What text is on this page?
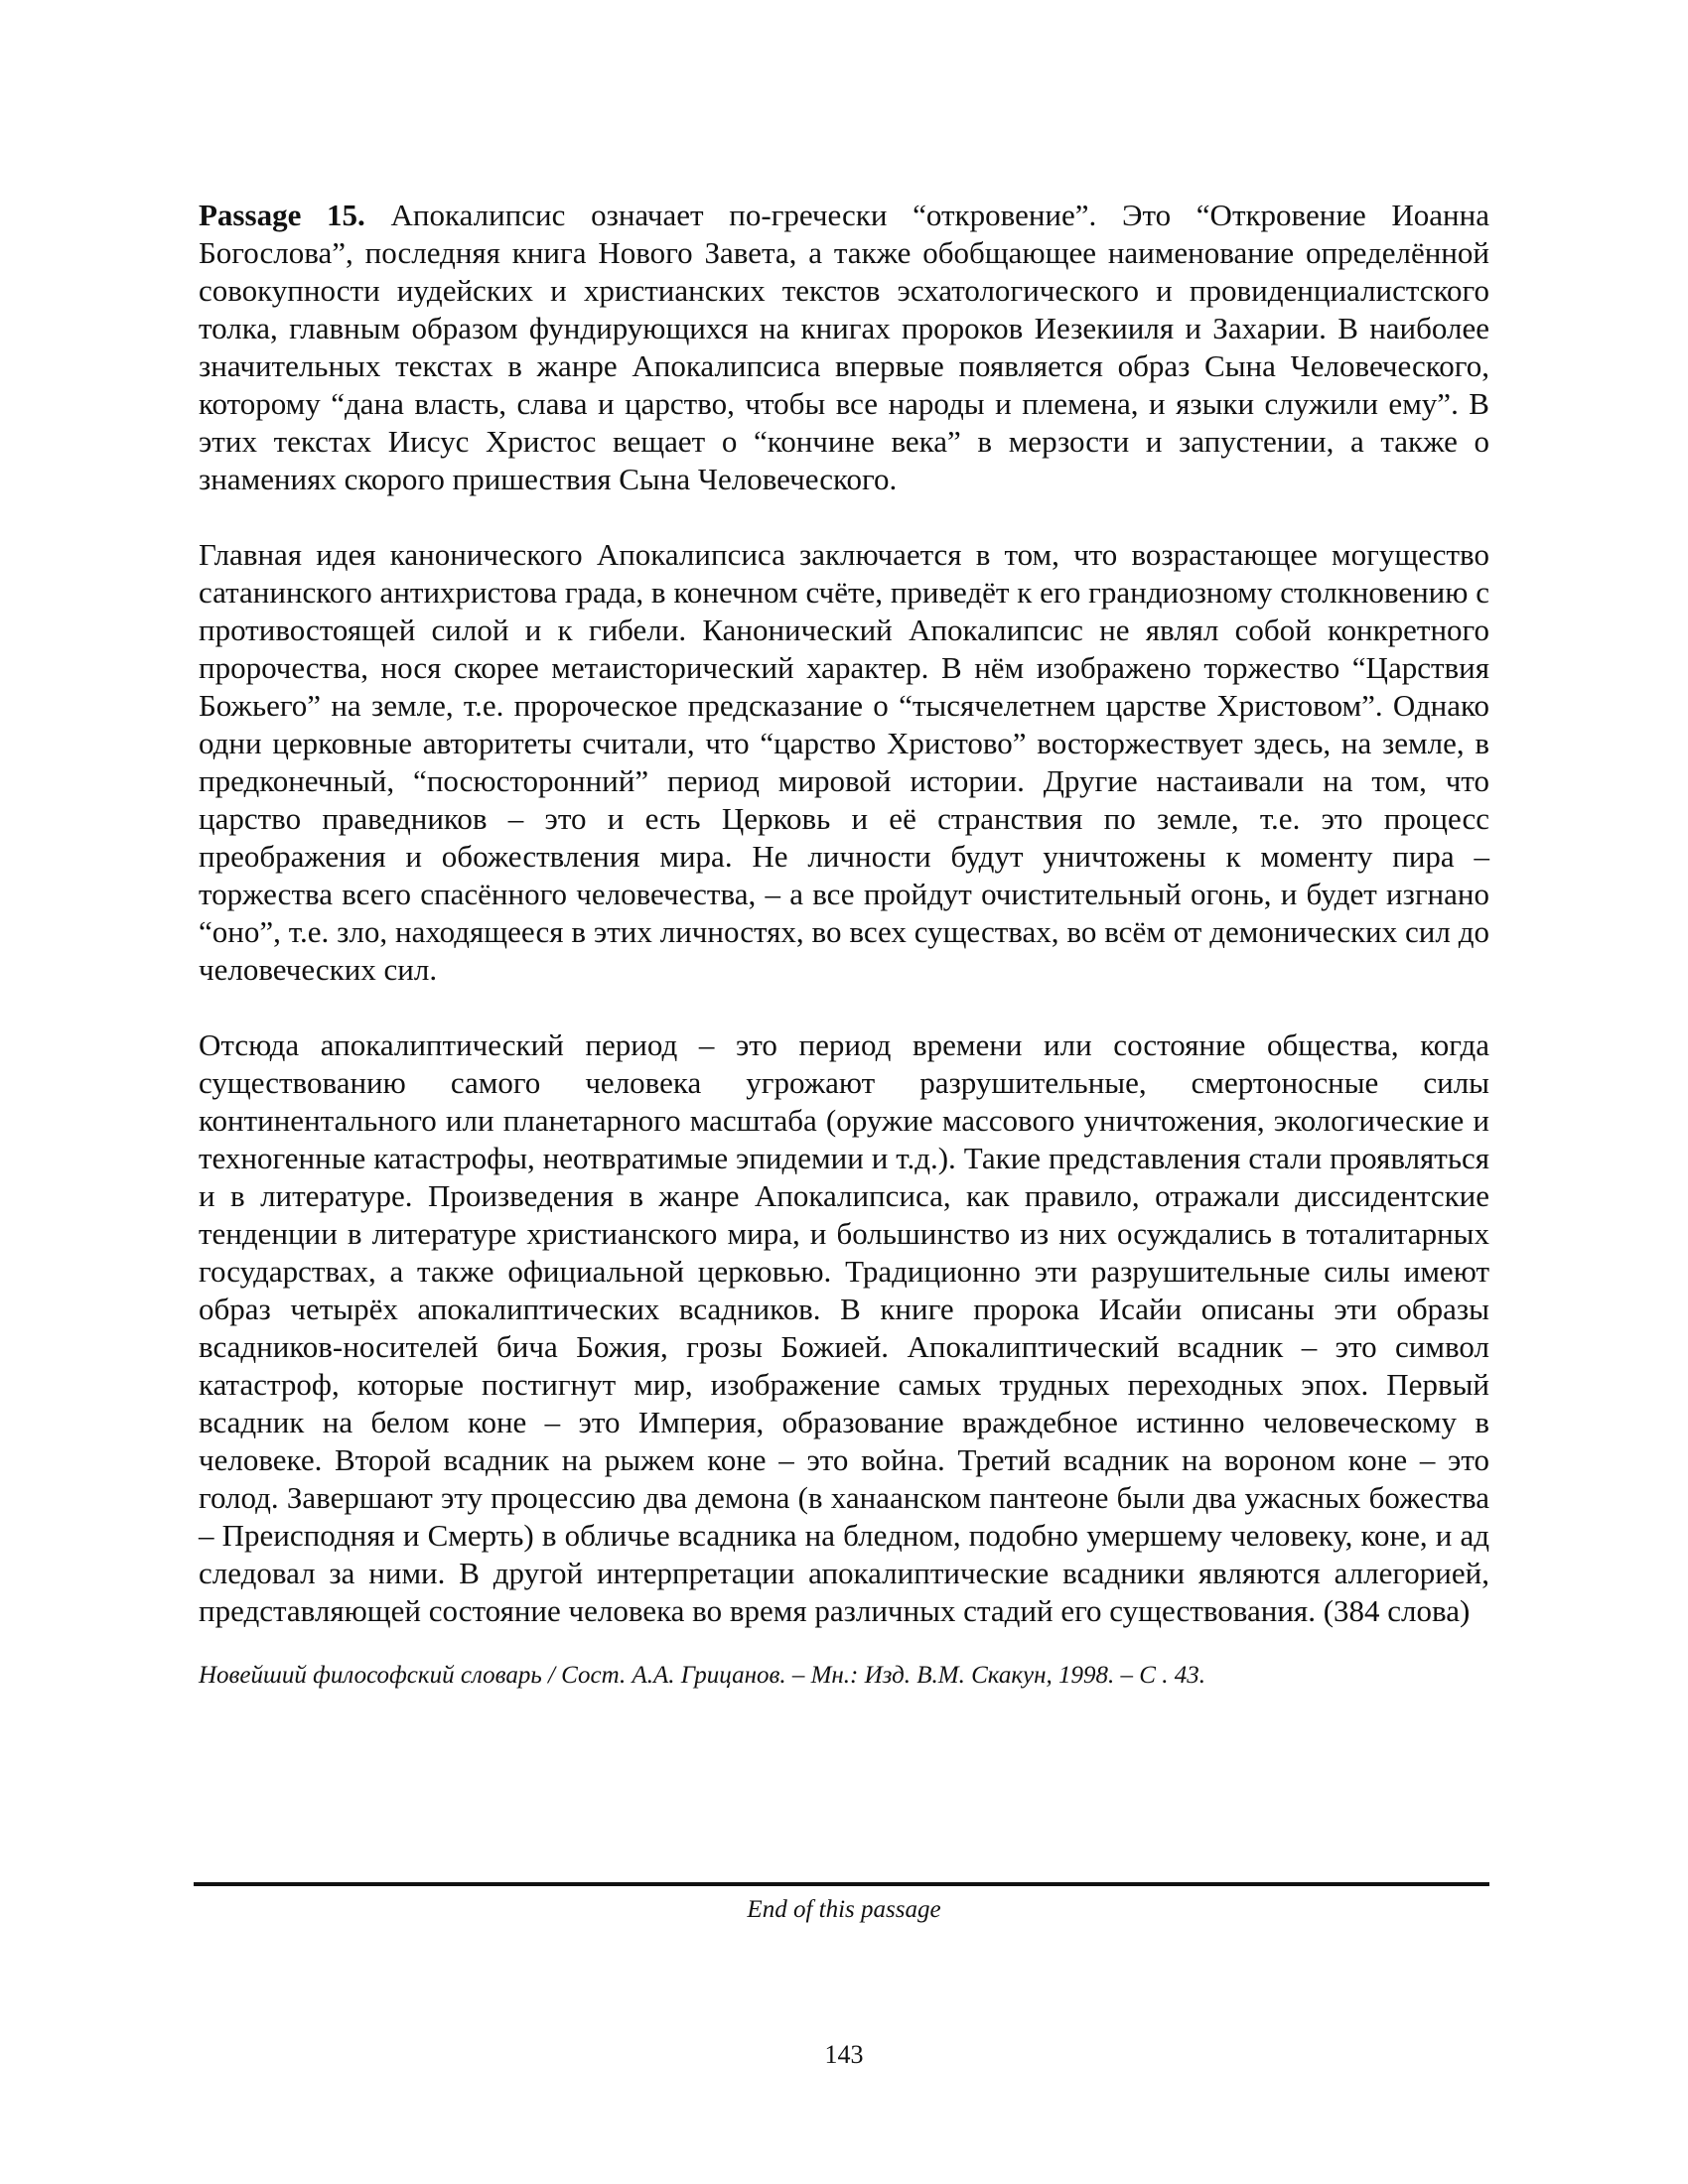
Passage 15. Апокалипсис означает по-гречески “откровение”. Это “Откровение Иоанна Богослова”, последняя книга Нового Завета, а также обобщающее наименование определённой совокупности иудейских и христианских текстов эсхатологического и провиденциалистского толка, главным образом фундирующихся на книгах пророков Иезекииля и Захарии. В наиболее значительных текстах в жанре Апокалипсиса впервые появляется образ Сына Человеческого, которому “дана власть, слава и царство, чтобы все народы и племена, и языки служили ему”. В этих текстах Иисус Христос вещает о “кончине века” в мерзости и запустении, а также о знамениях скорого пришествия Сына Человеческого.

Главная идея канонического Апокалипсиса заключается в том, что возрастающее могущество сатанинского антихристова града, в конечном счёте, приведёт к его грандиозному столкновению с противостоящей силой и к гибели. Канонический Апокалипсис не являл собой конкретного пророчества, нося скорее метаисторический характер. В нём изображено торжество “Царствия Божьего” на земле, т.е. пророческое предсказание о “тысячелетнем царстве Христовом”. Однако одни церковные авторитеты считали, что “царство Христово” восторжествует здесь, на земле, в предконечный, “посюсторонний” период мировой истории. Другие настаивали на том, что царство праведников – это и есть Церковь и её странствия по земле, т.е. это процесс преображения и обожествления мира. Не личности будут уничтожены к моменту пира – торжества всего спасённого человечества, – а все пройдут очистительный огонь, и будет изгнано “оно”, т.е. зло, находящееся в этих личностях, во всех существах, во всём от демонических сил до человеческих сил.

Отсюда апокалиптический период – это период времени или состояние общества, когда существованию самого человека угрожают разрушительные, смертоносные силы континентального или планетарного масштаба (оружие массового уничтожения, экологические и техногенные катастрофы, неотвратимые эпидемии и т.д.). Такие представления стали проявляться и в литературе. Произведения в жанре Апокалипсиса, как правило, отражали диссидентские тенденции в литературе христианского мира, и большинство из них осуждались в тоталитарных государствах, а также официальной церковью. Традиционно эти разрушительные силы имеют образ четырёх апокалиптических всадников. В книге пророка Исайи описаны эти образы всадников-носителей бича Божия, грозы Божией. Апокалиптический всадник – это символ катастроф, которые постигнут мир, изображение самых трудных переходных эпох. Первый всадник на белом коне – это Империя, образование враждебное истинно человеческому в человеке. Второй всадник на рыжем коне – это война. Третий всадник на вороном коне – это голод. Завершают эту процессию два демона (в ханаанском пантеоне были два ужасных божества – Преисподняя и Смерть) в обличье всадника на бледном, подобно умершему человеку, коне, и ад следовал за ними. В другой интерпретации апокалиптические всадники являются аллегорией, представляющей состояние человека во время различных стадий его существования. (384 слова)

Новейший философский словарь / Сост. А.А. Грицанов. – Мн.: Изд. В.М. Скакун, 1998. – С . 43.

End of this passage
143
